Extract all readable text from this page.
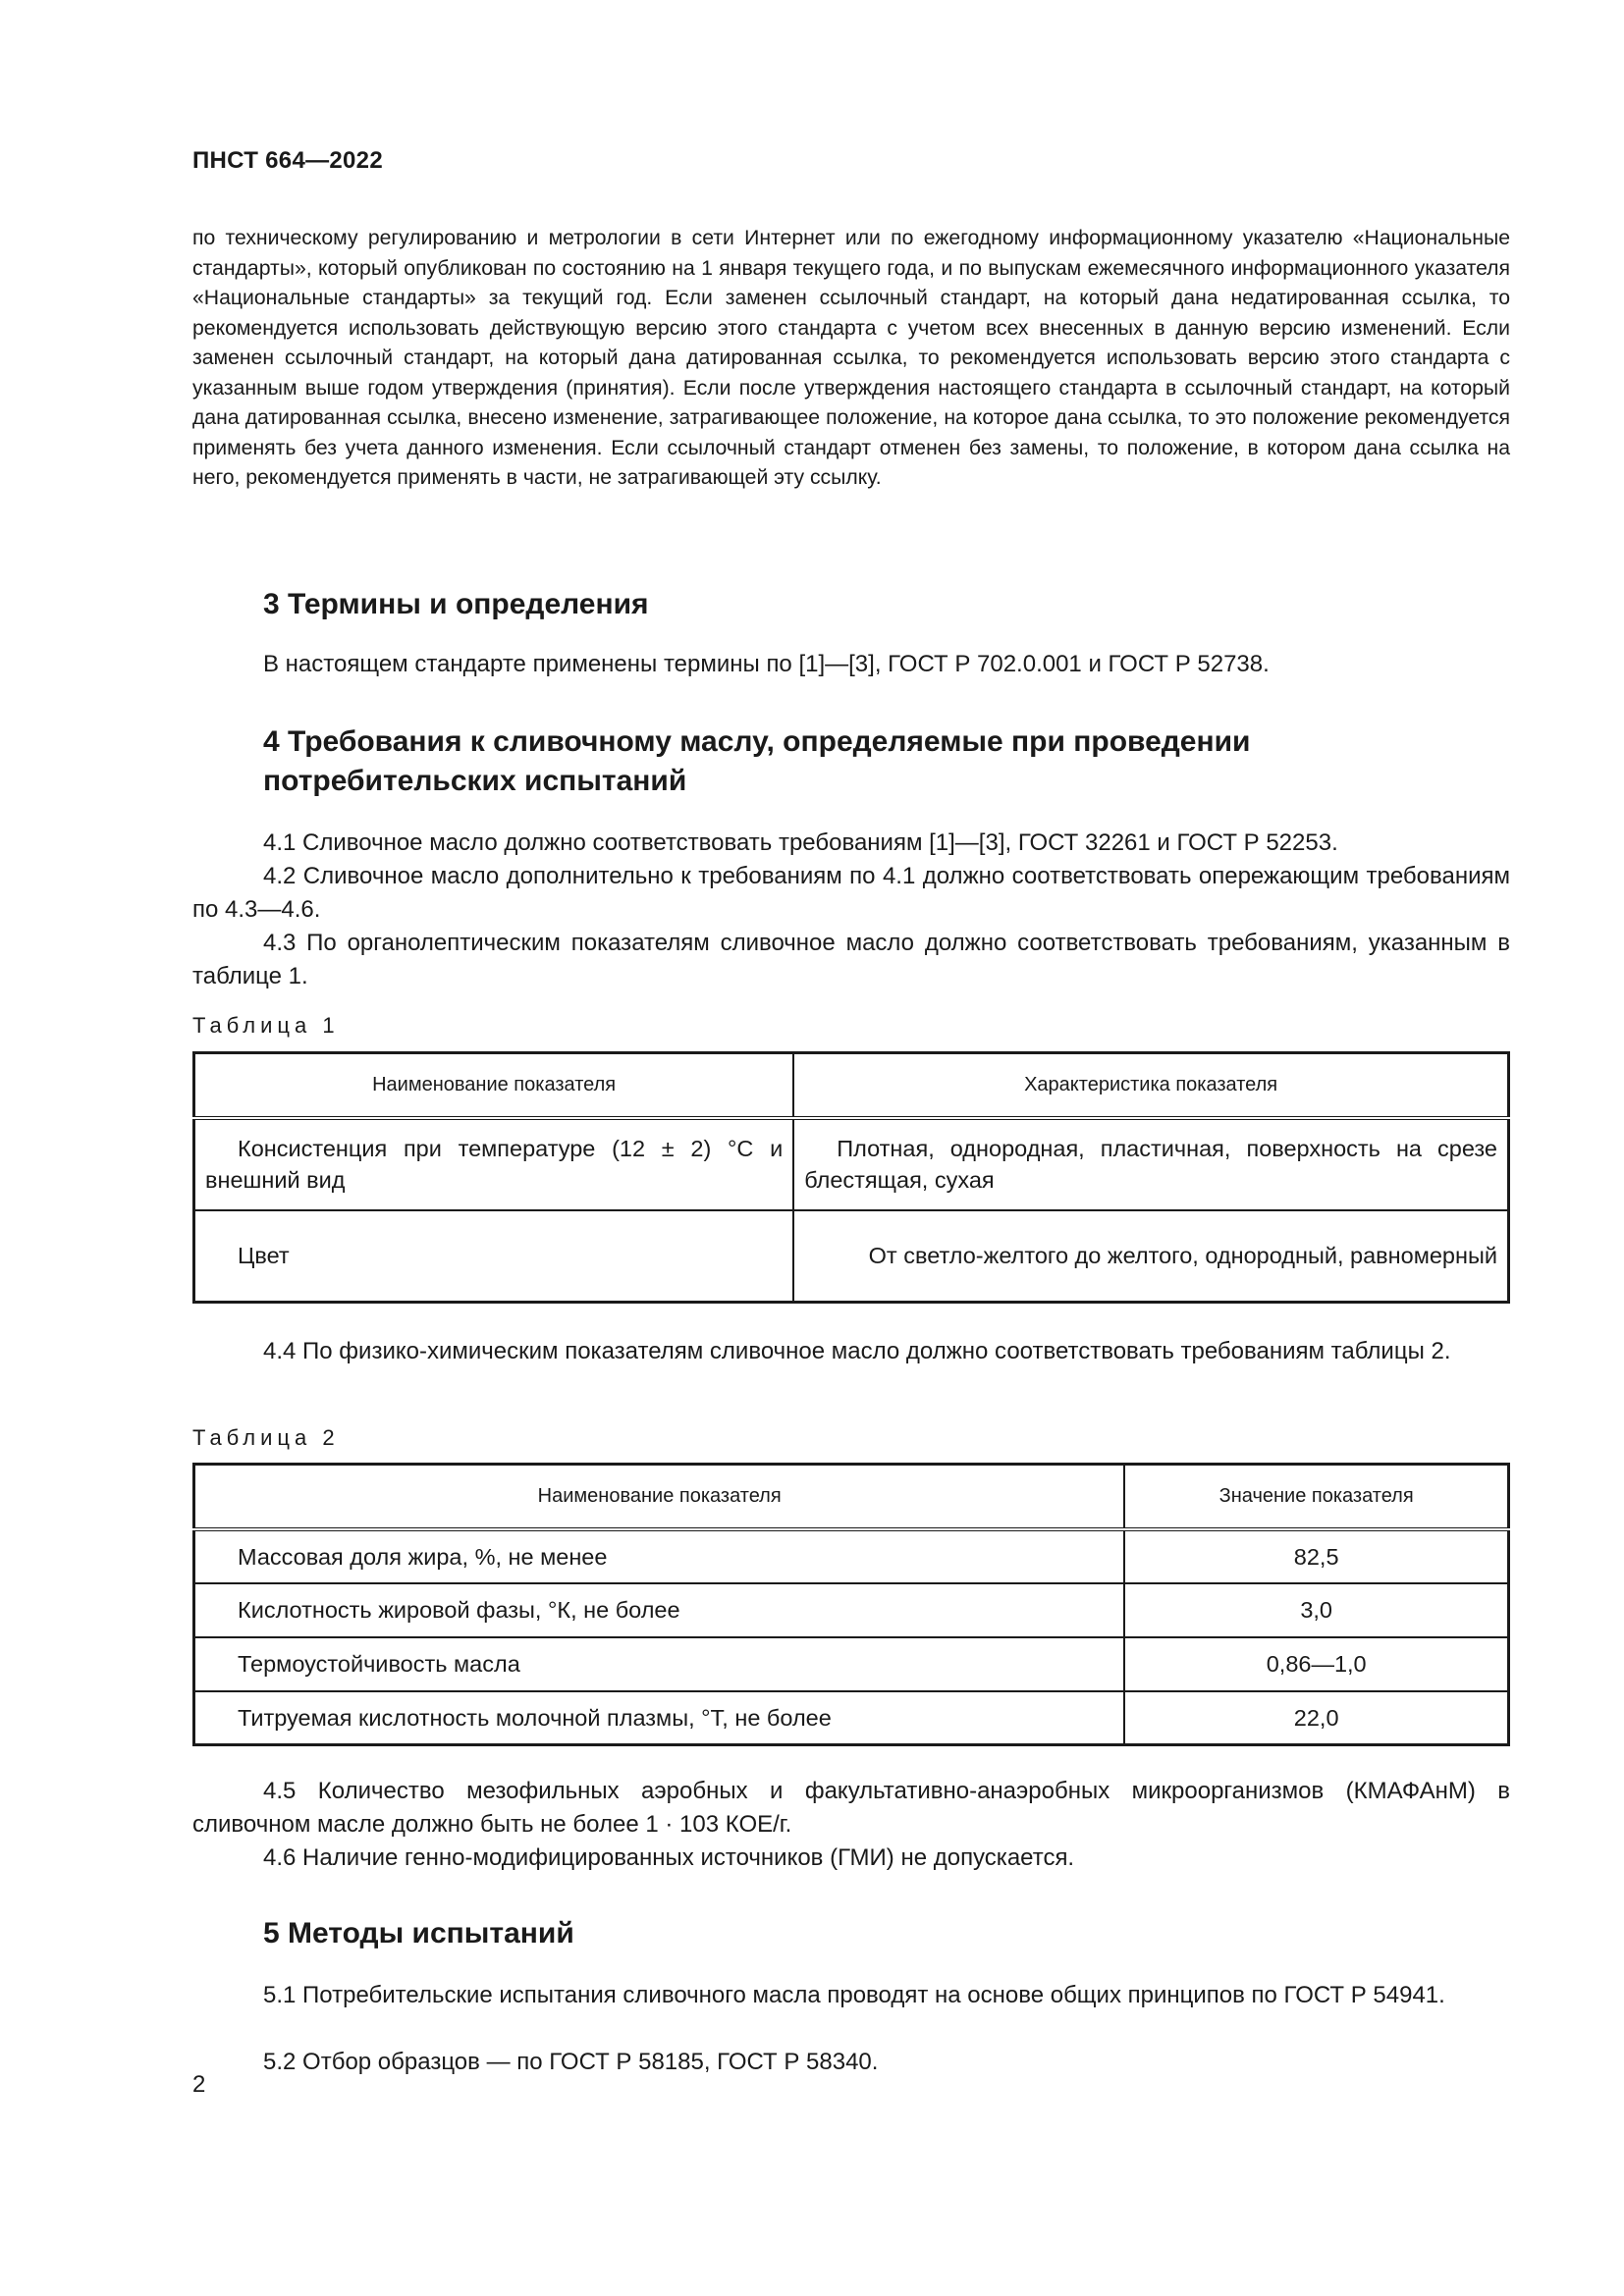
ПНСТ 664—2022
по техническому регулированию и метрологии в сети Интернет или по ежегодному информационному указателю «Национальные стандарты», который опубликован по состоянию на 1 января текущего года, и по выпускам ежемесячного информационного указателя «Национальные стандарты» за текущий год. Если заменен ссылочный стандарт, на который дана недатированная ссылка, то рекомендуется использовать действующую версию этого стандарта с учетом всех внесенных в данную версию изменений. Если заменен ссылочный стандарт, на который дана датированная ссылка, то рекомендуется использовать версию этого стандарта с указанным выше годом утверждения (принятия). Если после утверждения настоящего стандарта в ссылочный стандарт, на который дана датированная ссылка, внесено изменение, затрагивающее положение, на которое дана ссылка, то это положение рекомендуется применять без учета данного изменения. Если ссылочный стандарт отменен без замены, то положение, в котором дана ссылка на него, рекомендуется применять в части, не затрагивающей эту ссылку.
3 Термины и определения
В настоящем стандарте применены термины по [1]—[3], ГОСТ Р 702.0.001 и ГОСТ Р 52738.
4 Требования к сливочному маслу, определяемые при проведении
потребительских испытаний
4.1 Сливочное масло должно соответствовать требованиям [1]—[3], ГОСТ 32261 и ГОСТ Р 52253.
4.2 Сливочное масло дополнительно к требованиям по 4.1 должно соответствовать опережающим требованиям по 4.3—4.6.
4.3 По органолептическим показателям сливочное масло должно соответствовать требованиям, указанным в таблице 1.
Таблица 1
Наименование показателя	Характеристика показателя
Консистенция при температуре (12 ± 2) °С и внешний вид	Плотная, однородная, пластичная, поверхность на срезе блестящая, сухая
Цвет	От светло-желтого до желтого, однородный, равномерный
4.4 По физико-химическим показателям сливочное масло должно соответствовать требованиям таблицы 2.
Таблица 2
Наименование показателя	Значение показателя
Массовая доля жира, %, не менее	82,5
Кислотность жировой фазы, °К, не более	3,0
Термоустойчивость масла	0,86—1,0
Титруемая кислотность молочной плазмы, °Т, не более	22,0
4.5 Количество мезофильных аэробных и факультативно-анаэробных микроорганизмов (КМАФАнМ) в сливочном масле должно быть не более 1 · 103 КОЕ/г.
4.6 Наличие генно-модифицированных источников (ГМИ) не допускается.
5 Методы испытаний
5.1 Потребительские испытания сливочного масла проводят на основе общих принципов по ГОСТ Р 54941.
5.2 Отбор образцов — по ГОСТ Р 58185, ГОСТ Р 58340.
2
